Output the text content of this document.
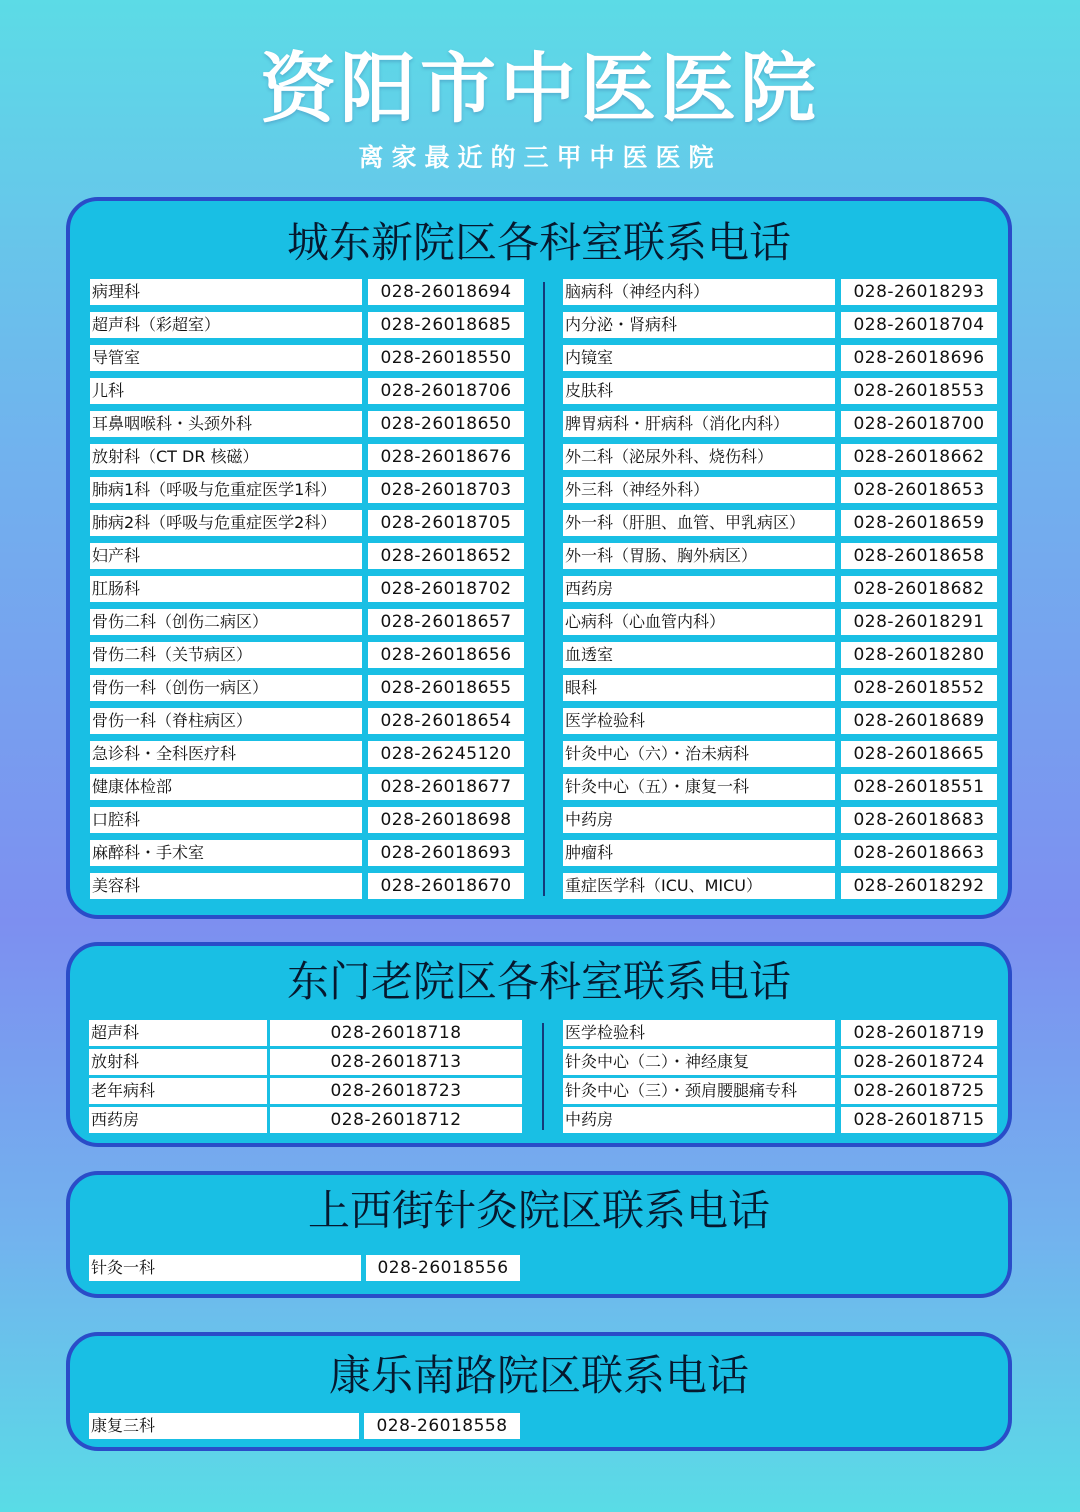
资阳市中医医院
离家最近的三甲中医医院
城东新院区各科室联系电话
病理科	028-26018694
超声科（彩超室）	028-26018685
导管室	028-26018550
儿科	028-26018706
耳鼻咽喉科・头颈外科	028-26018650
放射科（CT DR 核磁）	028-26018676
肺病1科（呼吸与危重症医学1科）	028-26018703
肺病2科（呼吸与危重症医学2科）	028-26018705
妇产科	028-26018652
肛肠科	028-26018702
骨伤二科（创伤二病区）	028-26018657
骨伤二科（关节病区）	028-26018656
骨伤一科（创伤一病区）	028-26018655
骨伤一科（脊柱病区）	028-26018654
急诊科・全科医疗科	028-26245120
健康体检部	028-26018677
口腔科	028-26018698
麻醉科・手术室	028-26018693
美容科	028-26018670
脑病科（神经内科）	028-26018293
内分泌・肾病科	028-26018704
内镜室	028-26018696
皮肤科	028-26018553
脾胃病科・肝病科（消化内科）	028-26018700
外二科（泌尿外科、烧伤科）	028-26018662
外三科（神经外科）	028-26018653
外一科（肝胆、血管、甲乳病区）	028-26018659
外一科（胃肠、胸外病区）	028-26018658
西药房	028-26018682
心病科（心血管内科）	028-26018291
血透室	028-26018280
眼科	028-26018552
医学检验科	028-26018689
针灸中心（六）・治未病科	028-26018665
针灸中心（五）・康复一科	028-26018551
中药房	028-26018683
肿瘤科	028-26018663
重症医学科（ICU、MICU）	028-26018292
东门老院区各科室联系电话
超声科	028-26018718
放射科	028-26018713
老年病科	028-26018723
西药房	028-26018712
医学检验科	028-26018719
针灸中心（二）・神经康复	028-26018724
针灸中心（三）・颈肩腰腿痛专科	028-26018725
中药房	028-26018715
上西街针灸院区联系电话
针灸一科	028-26018556
康乐南路院区联系电话
康复三科	028-26018558
